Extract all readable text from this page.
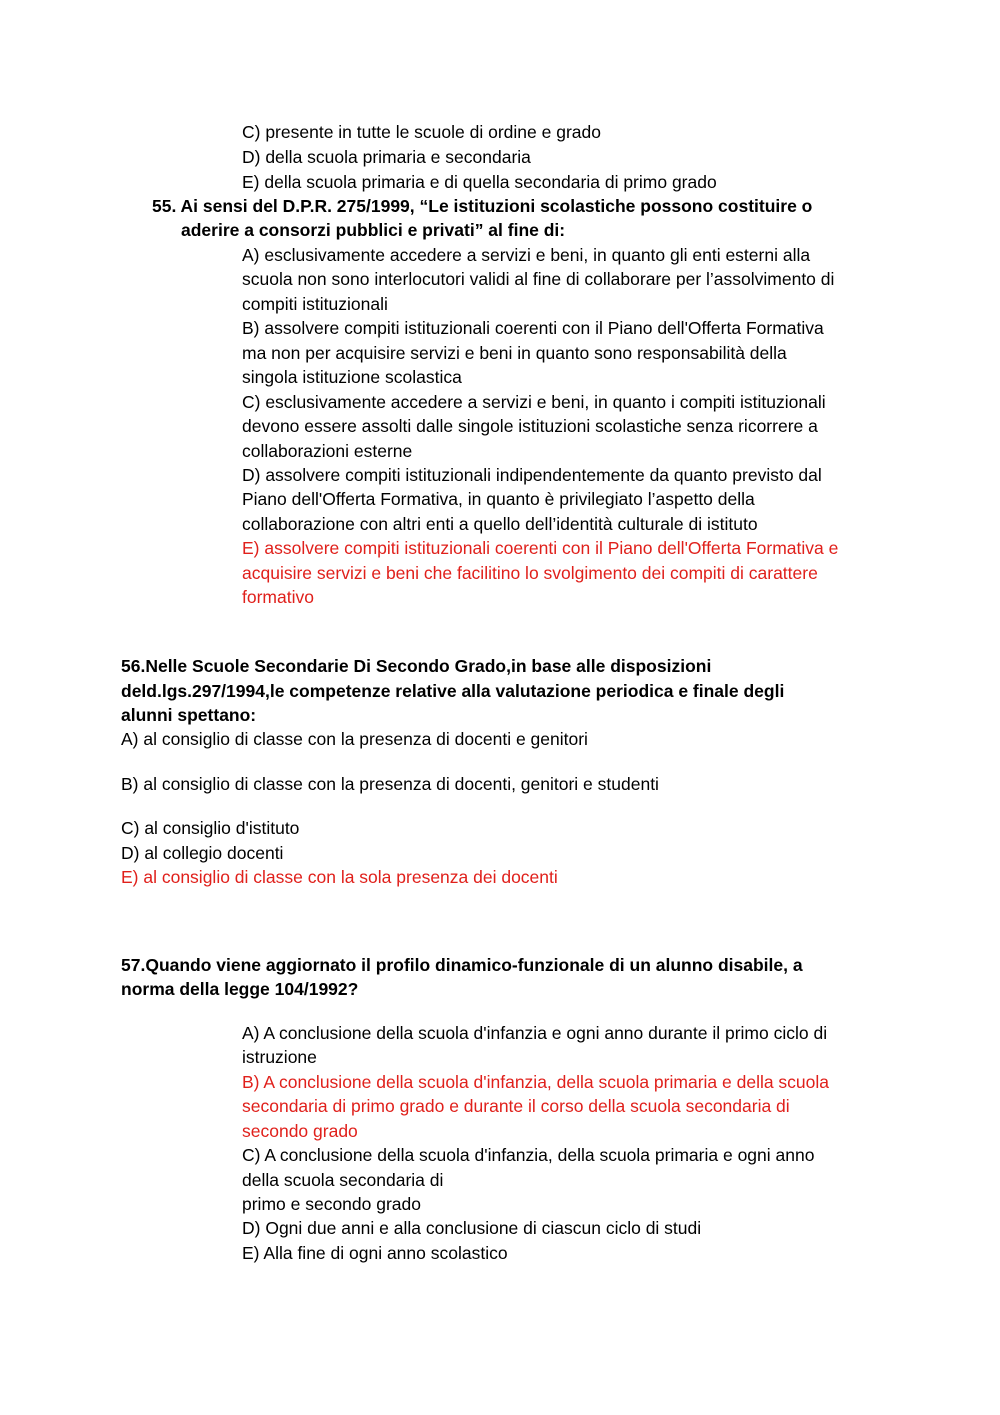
C) presente in tutte le scuole di ordine e grado
D) della scuola primaria e secondaria
E) della scuola primaria e di quella secondaria di primo grado
55. Ai sensi del D.P.R. 275/1999, “Le istituzioni scolastiche possono costituire o
aderire a consorzi pubblici e privati” al fine di:
A) esclusivamente accedere a servizi e beni, in quanto gli enti esterni alla
scuola non sono interlocutori validi al fine di collaborare per l’assolvimento di
compiti istituzionali
B) assolvere compiti istituzionali coerenti con il Piano dell'Offerta Formativa
ma non per acquisire servizi e beni in quanto sono responsabilità della
singola istituzione scolastica
C) esclusivamente accedere a servizi e beni, in quanto i compiti istituzionali
devono essere assolti dalle singole istituzioni scolastiche senza ricorrere a
collaborazioni esterne
D) assolvere compiti istituzionali indipendentemente da quanto previsto dal
Piano dell'Offerta Formativa, in quanto è privilegiato l’aspetto della
collaborazione con altri enti a quello dell’identità culturale di istituto
E) assolvere compiti istituzionali coerenti con il Piano dell'Offerta Formativa e
acquisire servizi e beni che facilitino lo svolgimento dei compiti di carattere
formativo
56.Nelle Scuole Secondarie Di Secondo Grado,in base alle disposizioni
deld.lgs.297/1994,le competenze relative alla valutazione periodica e finale degli
alunni spettano:
A) al consiglio di classe con la presenza di docenti e genitori
B) al consiglio di classe con la presenza di docenti, genitori e studenti
C) al consiglio d'istituto
D) al collegio docenti
E) al consiglio di classe con la sola presenza dei docenti
57.Quando viene aggiornato il profilo dinamico-funzionale di un alunno disabile, a
norma della legge 104/1992?
A) A conclusione della scuola d'infanzia e ogni anno durante il primo ciclo di
istruzione
B) A conclusione della scuola d'infanzia, della scuola primaria e della scuola
secondaria di primo grado e durante il corso della scuola secondaria di
secondo grado
C) A conclusione della scuola d'infanzia, della scuola primaria e ogni anno
della scuola secondaria di
primo e secondo grado
D) Ogni due anni e alla conclusione di ciascun ciclo di studi
E) Alla fine di ogni anno scolastico
